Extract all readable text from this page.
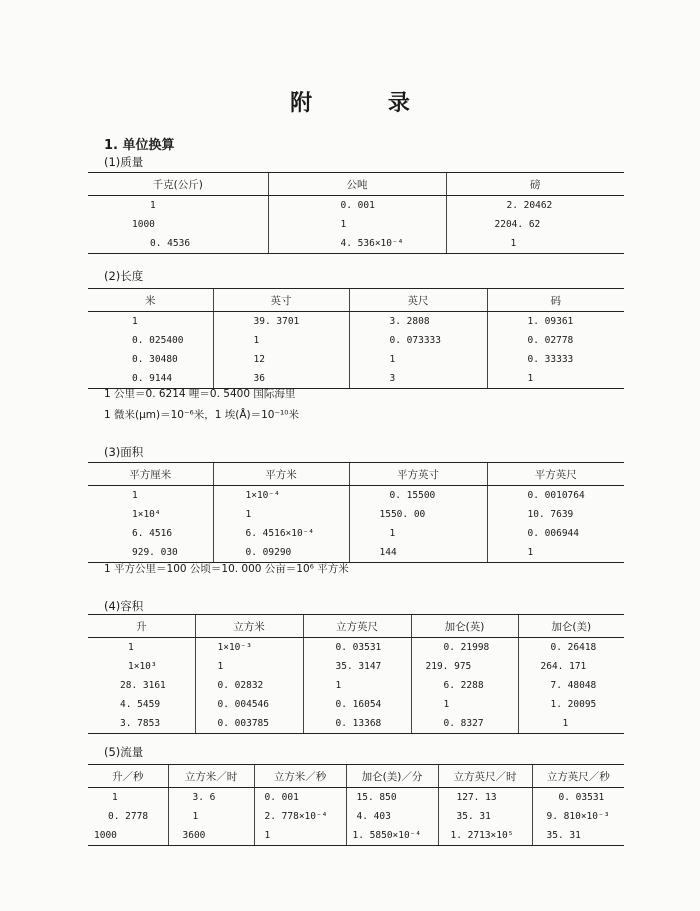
附 录
1. 单位换算
(1)质量
千克(公斤)	公吨	磅
1	0. 001	2. 20462
1000	1	2204. 62
0. 4536	4. 536×10⁻⁴	1
(2)长度
米	英寸	英尺	码
1	39. 3701	3. 2808	1. 09361
0. 025400	1	0. 073333	0. 02778
0. 30480	12	1	0. 33333
0. 9144	36	3	1
1 公里＝0. 6214 哩＝0. 5400 国际海里
1 微米(μm)＝10⁻⁶米，1 埃(Å)＝10⁻¹⁰米
(3)面积
平方厘米	平方米	平方英寸	平方英尺
1	1×10⁻⁴	0. 15500	0. 0010764
1×10⁴	1	1550. 00	10. 7639
6. 4516	6. 4516×10⁻⁴	1	0. 006944
929. 030	0. 09290	144	1
1 平方公里＝100 公顷＝10. 000 公亩＝10⁶ 平方米
(4)容积
升	立方米	立方英尺	加仑(英)	加仑(美)
1	1×10⁻³	0. 03531	0. 21998	0. 26418
1×10³	1	35. 3147	219. 975	264. 171
28. 3161	0. 02832	1	6. 2288	7. 48048
4. 5459	0. 004546	0. 16054	1	1. 20095
3. 7853	0. 003785	0. 13368	0. 8327	1
(5)流量
升／秒	立方米／时	立方米／秒	加仑(美)／分	立方英尺／时	立方英尺／秒
1	3. 6	0. 001	15. 850	127. 13	0. 03531
0. 2778	1	2. 778×10⁻⁴	4. 403	35. 31	9. 810×10⁻³
1000	3600	1	1. 5850×10⁻⁴	1. 2713×10⁵	35. 31
